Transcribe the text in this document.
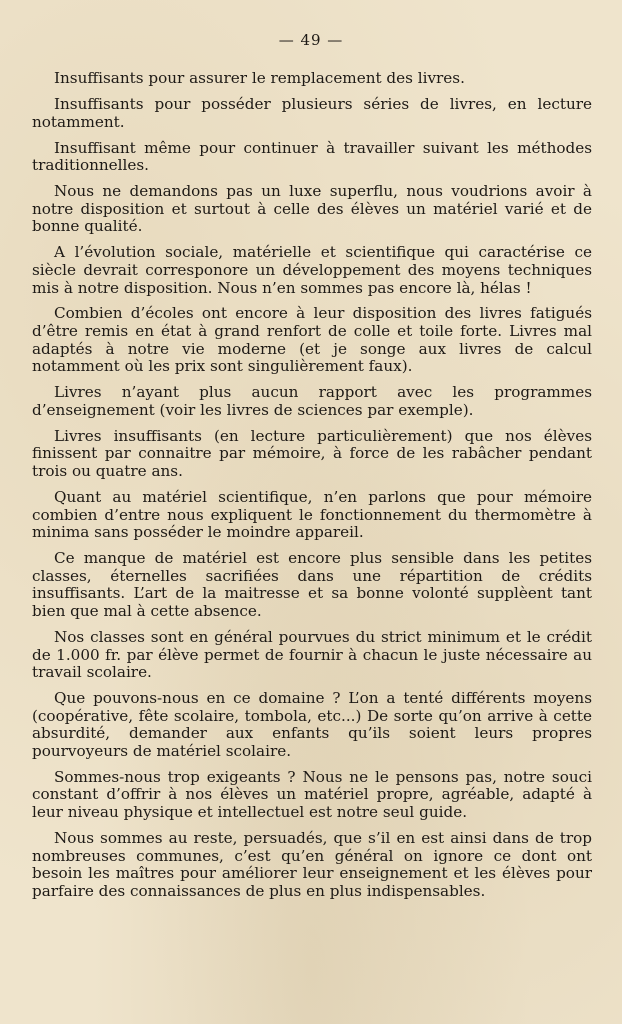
— 49 —

Insuffisants pour assurer le remplacement des livres.

Insuffisants pour posséder plusieurs séries de livres, en lecture notamment.

Insuffisant même pour continuer à travailler suivant les méthodes traditionnelles.

Nous ne demandons pas un luxe superflu, nous voudrions avoir à notre disposition et surtout à celle des élèves un matériel varié et de bonne qualité.

A l’évolution sociale, matérielle et scientifique qui caractérise ce siècle devrait corresponore un développement des moyens techniques mis à notre disposition. Nous n’en sommes pas encore là, hélas !

Combien d’écoles ont encore à leur disposition des livres fatigués d’être remis en état à grand renfort de colle et toile forte. Livres mal adaptés à notre vie moderne (et je songe aux livres de calcul notamment où les prix sont singulièrement faux).

Livres n’ayant plus aucun rapport avec les programmes d’enseignement (voir les livres de sciences par exemple).

Livres insuffisants (en lecture particulièrement) que nos élèves finissent par connaitre par mémoire, à force de les rabâcher pendant trois ou quatre ans.

Quant au matériel scientifique, n’en parlons que pour mémoire combien d’entre nous expliquent le fonctionnement du thermomètre à minima sans posséder le moindre appareil.

Ce manque de matériel est encore plus sensible dans les petites classes, éternelles sacrifiées dans une répartition de crédits insuffisants. L’art de la maitresse et sa bonne volonté supplèent tant bien que mal à cette absence.

Nos classes sont en général pourvues du strict minimum et le crédit de 1.000 fr. par élève permet de fournir à chacun le juste nécessaire au travail scolaire.

Que pouvons-nous en ce domaine ? L’on a tenté différents moyens (coopérative, fête scolaire, tombola, etc...) De sorte qu’on arrive à cette absurdité, demander aux enfants qu’ils soient leurs propres pourvoyeurs de matériel scolaire.

Sommes-nous trop exigeants ? Nous ne le pensons pas, notre souci constant d’offrir à nos élèves un matériel propre, agréable, adapté à leur niveau physique et intellectuel est notre seul guide.

Nous sommes au reste, persuadés, que s’il en est ainsi dans de trop nombreuses communes, c’est qu’en général on ignore ce dont ont besoin les maîtres pour améliorer leur enseignement et les élèves pour parfaire des connaissances de plus en plus indispensables.
